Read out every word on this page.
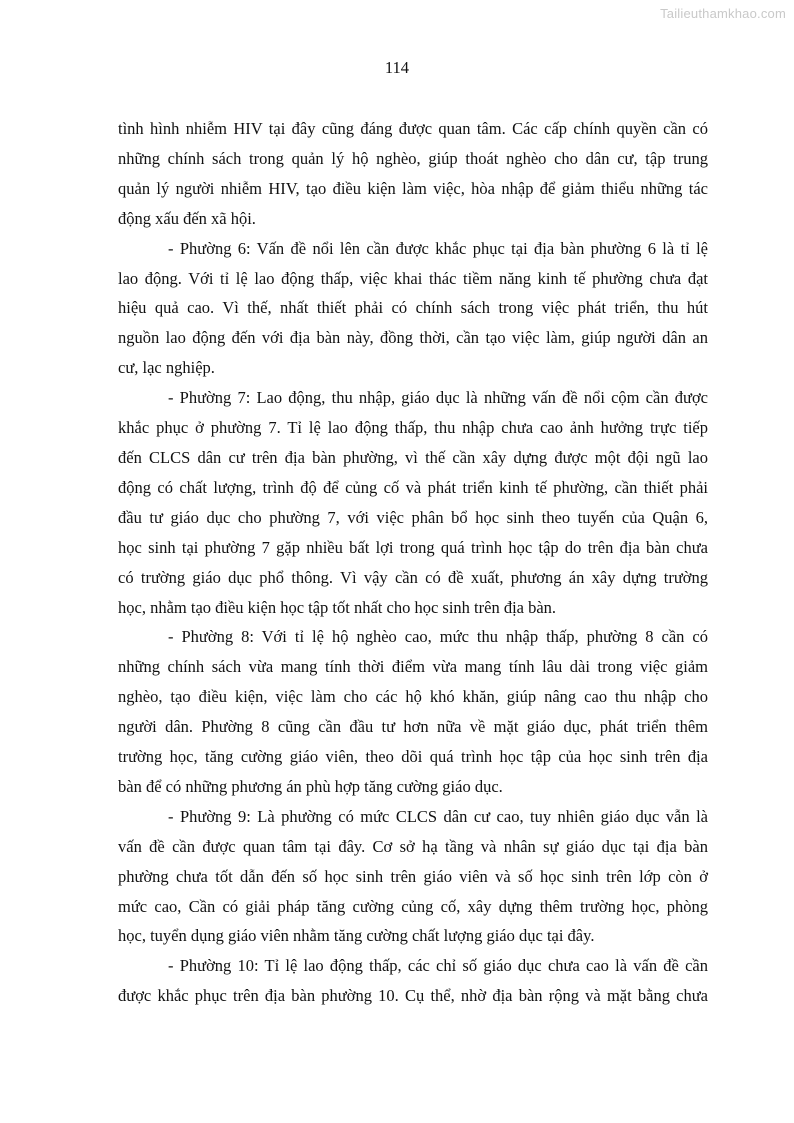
Tailieuthamkhao.com
114
tình hình nhiễm HIV tại đây cũng đáng được quan tâm. Các cấp chính quyền cần có
những chính sách trong quản lý hộ nghèo, giúp thoát nghèo cho dân cư, tập trung
quản lý người nhiễm HIV, tạo điều kiện làm việc, hòa nhập để giảm thiểu những tác
động xấu đến xã hội.
- Phường 6: Vấn đề nổi lên cần được khắc phục tại địa bàn phường 6 là tỉ lệ
lao động. Với tỉ lệ lao động thấp, việc khai thác tiềm năng kinh tế phường chưa đạt
hiệu quả cao. Vì thế, nhất thiết phải có chính sách trong việc phát triển, thu hút
nguồn lao động đến với địa bàn này, đồng thời, cần tạo việc làm, giúp người dân an
cư, lạc nghiệp.
- Phường 7: Lao động, thu nhập, giáo dục là những vấn đề nổi cộm cần được
khắc phục ở phường 7. Tỉ lệ lao động thấp, thu nhập chưa cao ảnh hưởng trực tiếp
đến CLCS dân cư trên địa bàn phường, vì thế cần xây dựng được một đội ngũ lao
động có chất lượng, trình độ để củng cố và phát triển kinh tế phường, cần thiết phải
đầu tư giáo dục cho phường 7, với việc phân bổ học sinh theo tuyến của Quận 6,
học sinh tại phường 7 gặp nhiều bất lợi trong quá trình học tập do trên địa bàn chưa
có trường giáo dục phổ thông. Vì vậy cần có đề xuất, phương án xây dựng trường
học, nhằm tạo điều kiện học tập tốt nhất cho học sinh trên địa bàn.
- Phường 8: Với tỉ lệ hộ nghèo cao, mức thu nhập thấp, phường 8 cần có
những chính sách vừa mang tính thời điểm vừa mang tính lâu dài trong việc giảm
nghèo, tạo điều kiện, việc làm cho các hộ khó khăn, giúp nâng cao thu nhập cho
người dân. Phường 8 cũng cần đầu tư hơn nữa về mặt giáo dục, phát triển thêm
trường học, tăng cường giáo viên, theo dõi quá trình học tập của học sinh trên địa
bàn để có những phương án phù hợp tăng cường giáo dục.
- Phường 9: Là phường có mức CLCS dân cư cao, tuy nhiên giáo dục vẫn là
vấn đề cần được quan tâm tại đây. Cơ sở hạ tầng và nhân sự giáo dục tại địa bàn
phường chưa tốt dẫn đến số học sinh trên giáo viên và số học sinh trên lớp còn ở
mức cao, Cần có giải pháp tăng cường củng cố, xây dựng thêm trường học, phòng
học, tuyển dụng giáo viên nhằm tăng cường chất lượng giáo dục tại đây.
- Phường 10: Tỉ lệ lao động thấp, các chỉ số giáo dục chưa cao là vấn đề cần
được khắc phục trên địa bàn phường 10. Cụ thể, nhờ địa bàn rộng và mặt bằng chưa
